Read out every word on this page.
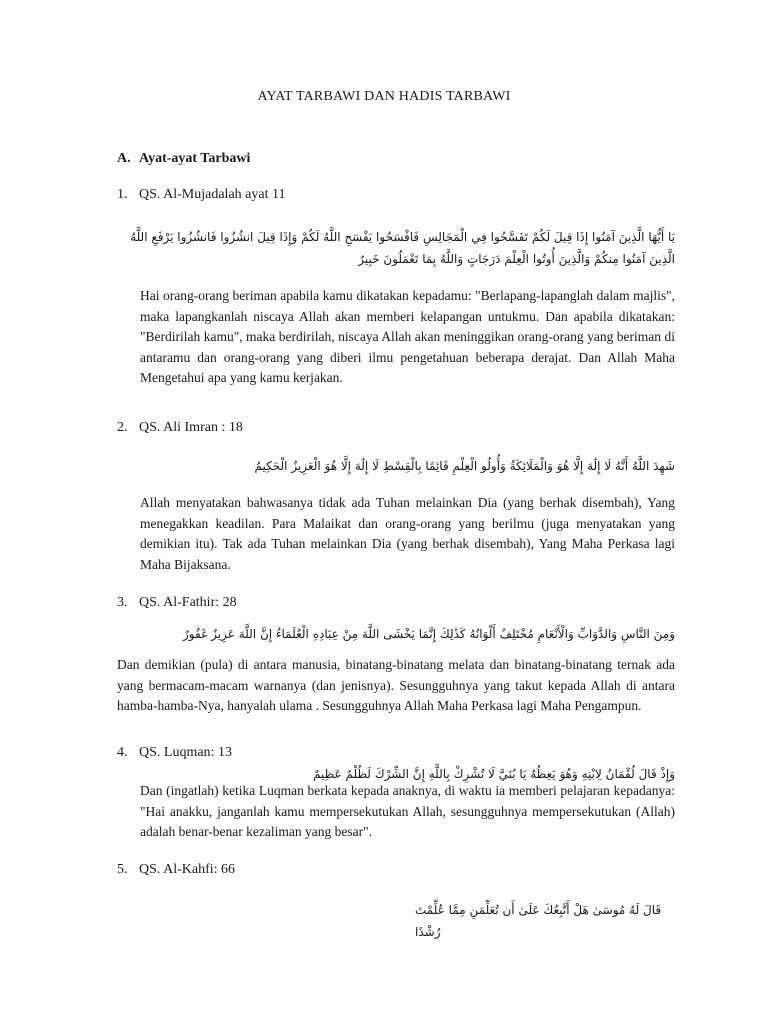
AYAT TARBAWI DAN HADIS TARBAWI
A. Ayat-ayat Tarbawi
1. QS. Al-Mujadalah ayat 11
يَا أَيُّهَا الَّذِينَ آمَنُوا إِذَا قِيلَ لَكُمْ تَفَسَّحُوا فِي الْمَجَالِسِ فَافْسَحُوا يَفْسَحِ اللَّهُ لَكُمْ وَإِذَا قِيلَ انشُزُوا فَانشُزُوا يَرْفَعِ اللَّهُ الَّذِينَ آمَنُوا مِنكُمْ وَالَّذِينَ أُوتُوا الْعِلْمَ دَرَجَاتٍ وَاللَّهُ بِمَا تَعْمَلُونَ خَبِيرٌ

Hai orang-orang beriman apabila kamu dikatakan kepadamu: "Berlapang-lapanglah dalam majlis", maka lapangkanlah niscaya Allah akan memberi kelapangan untukmu. Dan apabila dikatakan: "Berdirilah kamu", maka berdirilah, niscaya Allah akan meninggikan orang-orang yang beriman di antaramu dan orang-orang yang diberi ilmu pengetahuan beberapa derajat. Dan Allah Maha Mengetahui apa yang kamu kerjakan.

2. QS. Ali Imran : 18
شَهِدَ اللَّهُ أَنَّهُ لَا إِلَٰهَ إِلَّا هُوَ وَالْمَلَائِكَةُ وَأُولُو الْعِلْمِ قَائِمًا بِالْقِسْطِ لَا إِلَٰهَ إِلَّا هُوَ الْعَزِيزُ الْحَكِيمُ

Allah menyatakan bahwasanya tidak ada Tuhan melainkan Dia (yang berhak disembah), Yang menegakkan keadilan. Para Malaikat dan orang-orang yang berilmu (juga menyatakan yang demikian itu). Tak ada Tuhan melainkan Dia (yang berhak disembah), Yang Maha Perkasa lagi Maha Bijaksana.

3. QS. Al-Fathir: 28
وَمِنَ النَّاسِ وَالدَّوَابِّ وَالْأَنْعَامِ مُخْتَلِفٌ أَلْوَانُهُ كَذَٰلِكَ إِنَّمَا يَخْشَى اللَّهَ مِنْ عِبَادِهِ الْعُلَمَاءُ إِنَّ اللَّهَ عَزِيزٌ غَفُورٌ

Dan demikian (pula) di antara manusia, binatang-binatang melata dan binatang-binatang ternak ada yang bermacam-macam warnanya (dan jenisnya). Sesungguhnya yang takut kepada Allah di antara hamba-hamba-Nya, hanyalah ulama . Sesungguhnya Allah Maha Perkasa lagi Maha Pengampun.

4. QS. Luqman: 13
وَإِذْ قَالَ لُقْمَانُ لِابْنِهِ وَهُوَ يَعِظُهُ يَا بُنَيَّ لَا تُشْرِكْ بِاللَّهِ إِنَّ الشِّرْكَ لَظُلْمٌ عَظِيمٌ

Dan (ingatlah) ketika Luqman berkata kepada anaknya, di waktu ia memberi pelajaran kepadanya: "Hai anakku, janganlah kamu mempersekutukan Allah, sesungguhnya mempersekutukan (Allah) adalah benar-benar kezaliman yang besar".

5. QS. Al-Kahfi: 66
قَالَ لَهُ مُوسَىٰ هَلْ أَتَّبِعُكَ عَلَىٰ أَن تُعَلِّمَنِ مِمَّا عُلِّمْتَ رُشْدًا
